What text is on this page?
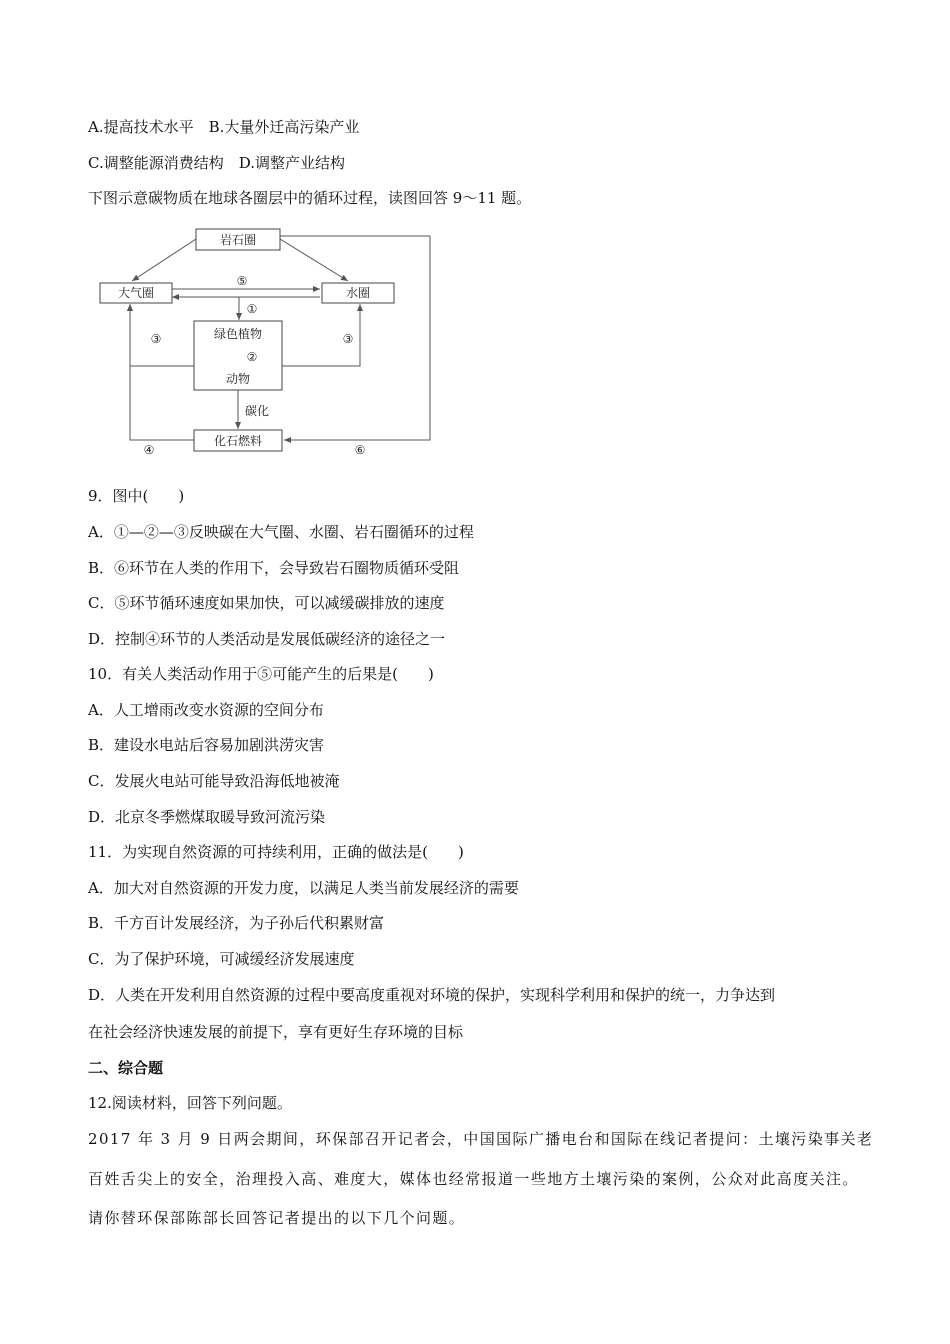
A.提高技术水平　B.大量外迁高污染产业

C.调整能源消费结构　D.调整产业结构

下图示意碳物质在地球各圈层中的循环过程，读图回答 9～11 题。

岩石圈
大气圈	水圈
绿色植物
动物
化石燃料
⑤
①
②
③	③
碳化
④	⑥

9．图中(　　)

A．①—②—③反映碳在大气圈、水圈、岩石圈循环的过程

B．⑥环节在人类的作用下，会导致岩石圈物质循环受阻

C．⑤环节循环速度如果加快，可以减缓碳排放的速度

D．控制④环节的人类活动是发展低碳经济的途径之一

10．有关人类活动作用于⑤可能产生的后果是(　　)

A．人工增雨改变水资源的空间分布

B．建设水电站后容易加剧洪涝灾害

C．发展火电站可能导致沿海低地被淹

D．北京冬季燃煤取暖导致河流污染

11．为实现自然资源的可持续利用，正确的做法是(　　)

A．加大对自然资源的开发力度，以满足人类当前发展经济的需要

B．千方百计发展经济，为子孙后代积累财富

C．为了保护环境，可减缓经济发展速度

D．人类在开发利用自然资源的过程中要高度重视对环境的保护，实现科学利用和保护的统一，力争达到

在社会经济快速发展的前提下，享有更好生存环境的目标

二、综合题

12.阅读材料，回答下列问题。

2017 年 3 月 9 日两会期间，环保部召开记者会，中国国际广播电台和国际在线记者提问：土壤污染事关老

百姓舌尖上的安全，治理投入高、难度大，媒体也经常报道一些地方土壤污染的案例，公众对此高度关注。

请你替环保部陈部长回答记者提出的以下几个问题。
